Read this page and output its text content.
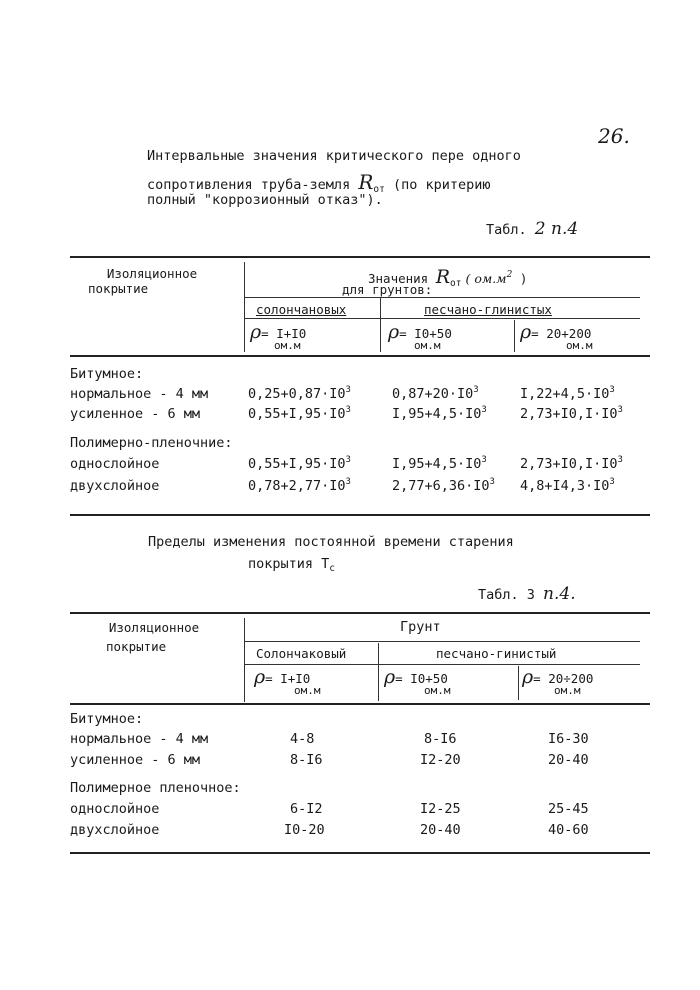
26.
Интервальные значения критического пере одного
сопротивления труба-земля $R_{от}$ (по критерию
полный "коррозионный отказ").
Табл. 2 п.4
Изоляционное
покрытие
Значения $R_{от}$ ( $ом.м^2$ )
для грунтов:
солончановых	песчано-глинистых
ρ= I+I0
ом.м
ρ= I0+50
ом.м
ρ= 20+200
ом.м
Битумное:
нормальное - 4 мм	$0,25+0,87\cdot I0^3$	$0,87+20\cdot I0^3$	$I,22+4,5\cdot I0^3$
усиленное - 6 мм	$0,55+I,95\cdot I0^3$	$I,95+4,5\cdot I0^3$ $2,73+I0,I\cdot I0^3$
Полимерно-пленочние:
однослойное	$0,55+I,95\cdot I0^3$	$I,95+4,5\cdot I0^3$ $2,73+I0,I\cdot I0^3$
двухслойное	$0,78+2,77\cdot I0^3$	$2,77+6,36\cdot I0^3$ $4,8+I4,3\cdot I0^3$
Пределы изменения постоянной времени старения
покрытия $Т_с$
Табл. 3 п.4.
Изоляционное
покрытие
Грунт
Солончаковый	песчано-гинистый
ρ= I+I0
ом.м
ρ= I0+50
ом.м
ρ= 20÷200
ом.м
Битумное:
нормальное - 4 мм	4-8	8-I6	I6-30
усиленное - 6 мм	8-I6	I2-20	20-40
Полимерное пленочное:
однослойное	6-I2	I2-25	25-45
двухслойное	I0-20	20-40	40-60
